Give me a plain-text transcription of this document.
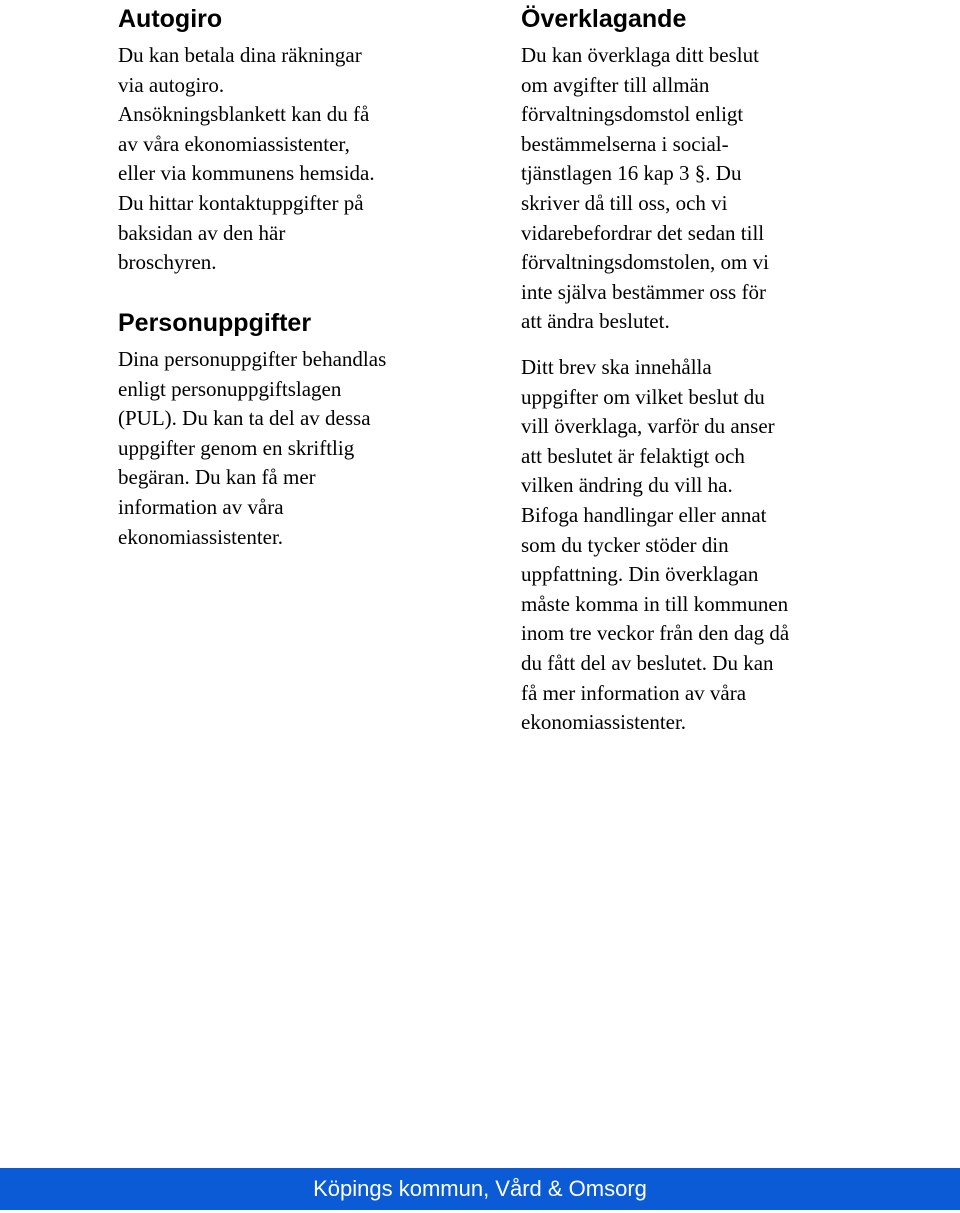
Autogiro
Du kan betala dina räkningar
via autogiro.
Ansökningsblankett kan du få
av våra ekonomiassistenter,
eller via kommunens hemsida.
Du hittar kontaktuppgifter på
baksidan av den här
broschyren.
Personuppgifter
Dina personuppgifter behandlas
enligt personuppgiftslagen
(PUL). Du kan ta del av dessa
uppgifter genom en skriftlig
begäran. Du kan få mer
information av våra
ekonomiassistenter.
Överklagande
Du kan överklaga ditt beslut
om avgifter till allmän
förvaltningsdomstol enligt
bestämmelserna i social-
tjänstlagen 16 kap 3 §. Du
skriver då till oss, och vi
vidarebefordrar det sedan till
förvaltningsdomstolen, om vi
inte själva bestämmer oss för
att ändra beslutet.
Ditt brev ska innehålla
uppgifter om vilket beslut du
vill överklaga, varför du anser
att beslutet är felaktigt och
vilken ändring du vill ha.
Bifoga handlingar eller annat
som du tycker stöder din
uppfattning. Din överklagan
måste komma in till kommunen
inom tre veckor från den dag då
du fått del av beslutet. Du kan
få mer information av våra
ekonomiassistenter.
Köpings kommun, Vård & Omsorg
